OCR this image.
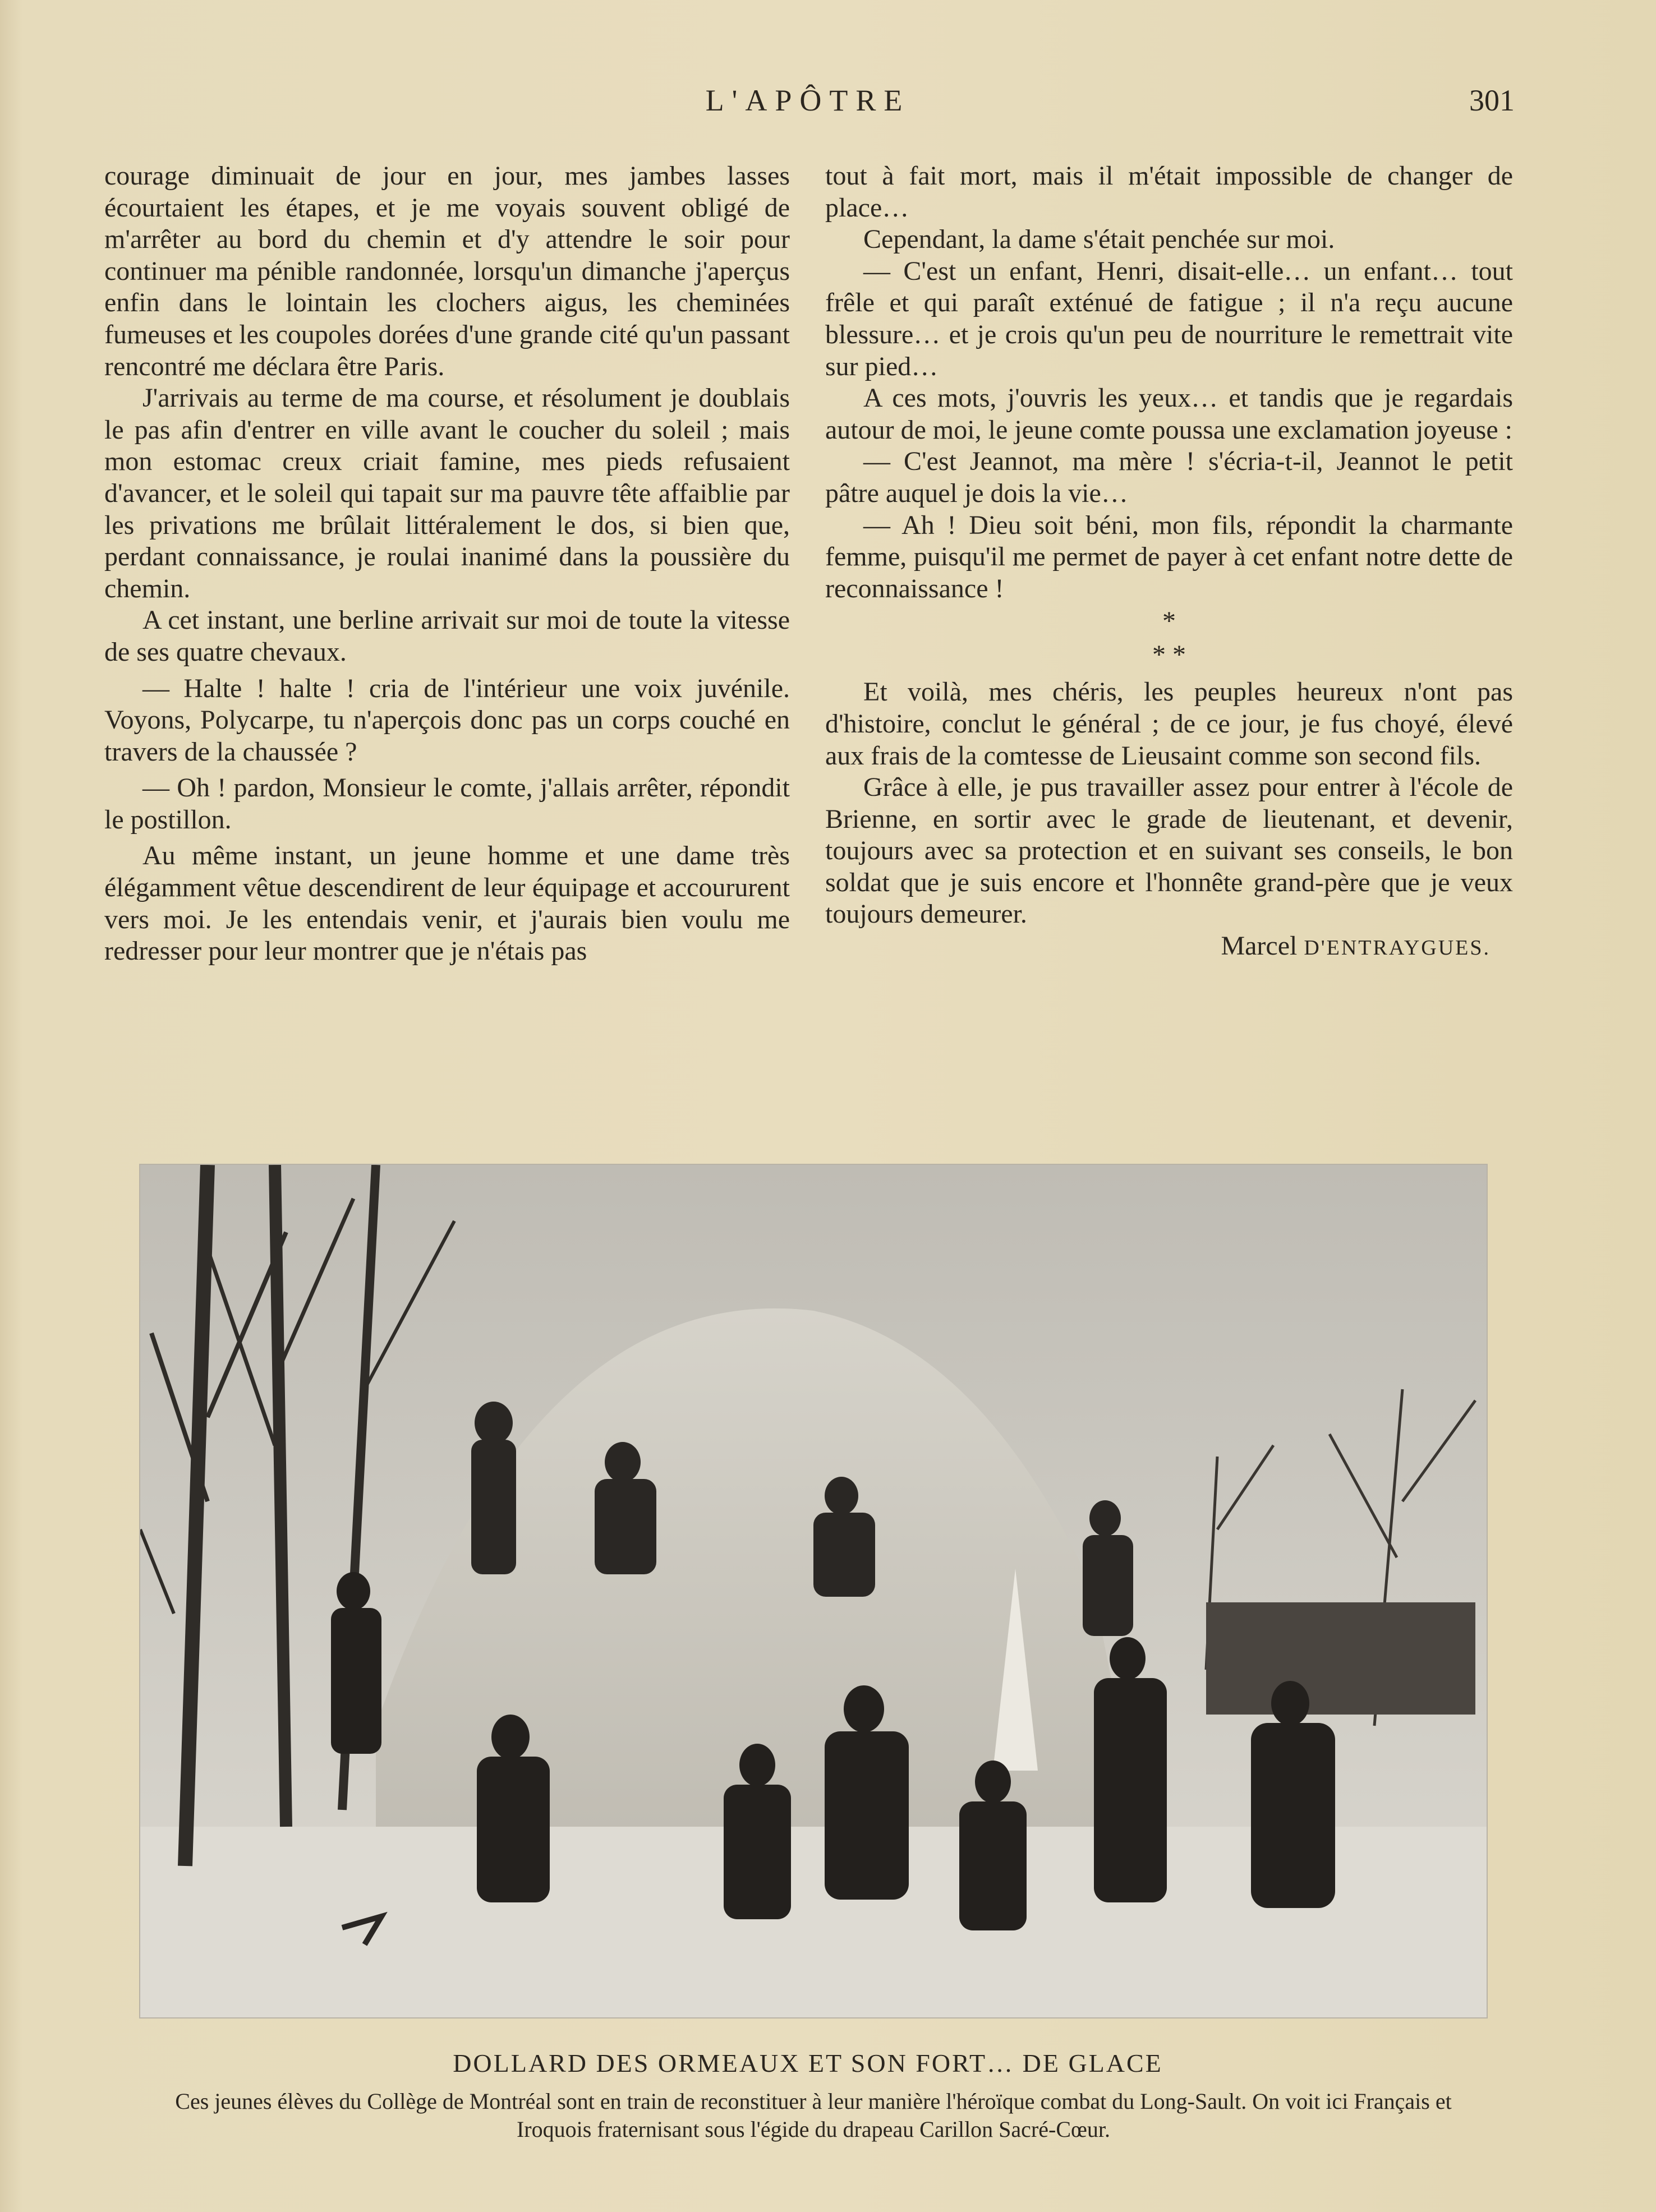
L'APÔTRE	301

courage diminuait de jour en jour, mes jambes lasses écourtaient les étapes, et je me voyais souvent obligé de m'arrêter au bord du chemin et d'y attendre le soir pour continuer ma pénible randonnée, lorsqu'un dimanche j'aperçus enfin dans le lointain les clochers aigus, les cheminées fumeuses et les coupoles dorées d'une grande cité qu'un passant rencontré me déclara être Paris.

J'arrivais au terme de ma course, et résolument je doublais le pas afin d'entrer en ville avant le coucher du soleil ; mais mon estomac creux criait famine, mes pieds refusaient d'avancer, et le soleil qui tapait sur ma pauvre tête affaiblie par les privations me brûlait littéralement le dos, si bien que, perdant connaissance, je roulai inanimé dans la poussière du chemin.

A cet instant, une berline arrivait sur moi de toute la vitesse de ses quatre chevaux.

— Halte ! halte ! cria de l'intérieur une voix juvénile. Voyons, Polycarpe, tu n'aperçois donc pas un corps couché en travers de la chaussée ?

— Oh ! pardon, Monsieur le comte, j'allais arrêter, répondit le postillon.

Au même instant, un jeune homme et une dame très élégamment vêtue descendirent de leur équipage et accoururent vers moi. Je les entendais venir, et j'aurais bien voulu me redresser pour leur montrer que je n'étais pas

tout à fait mort, mais il m'était impossible de changer de place…

Cependant, la dame s'était penchée sur moi.

— C'est un enfant, Henri, disait-elle… un enfant… tout frêle et qui paraît exténué de fatigue ; il n'a reçu aucune blessure… et je crois qu'un peu de nourriture le remettrait vite sur pied…

A ces mots, j'ouvris les yeux… et tandis que je regardais autour de moi, le jeune comte poussa une exclamation joyeuse :

— C'est Jeannot, ma mère ! s'écria-t-il, Jeannot le petit pâtre auquel je dois la vie…

— Ah ! Dieu soit béni, mon fils, répondit la charmante femme, puisqu'il me permet de payer à cet enfant notre dette de reconnaissance !

*

* *

Et voilà, mes chéris, les peuples heureux n'ont pas d'histoire, conclut le général ; de ce jour, je fus choyé, élevé aux frais de la comtesse de Lieusaint comme son second fils.

Grâce à elle, je pus travailler assez pour entrer à l'école de Brienne, en sortir avec le grade de lieutenant, et devenir, toujours avec sa protection et en suivant ses conseils, le bon soldat que je suis encore et l'honnête grand-père que je veux toujours demeurer.

Marcel D'ENTRAYGUES.

DOLLARD DES ORMEAUX ET SON FORT… DE GLACE
Ces jeunes élèves du Collège de Montréal sont en train de reconstituer à leur manière l'héroïque combat du Long-Sault. On voit ici Français et Iroquois fraternisant sous l'égide du drapeau Carillon Sacré-Cœur.
